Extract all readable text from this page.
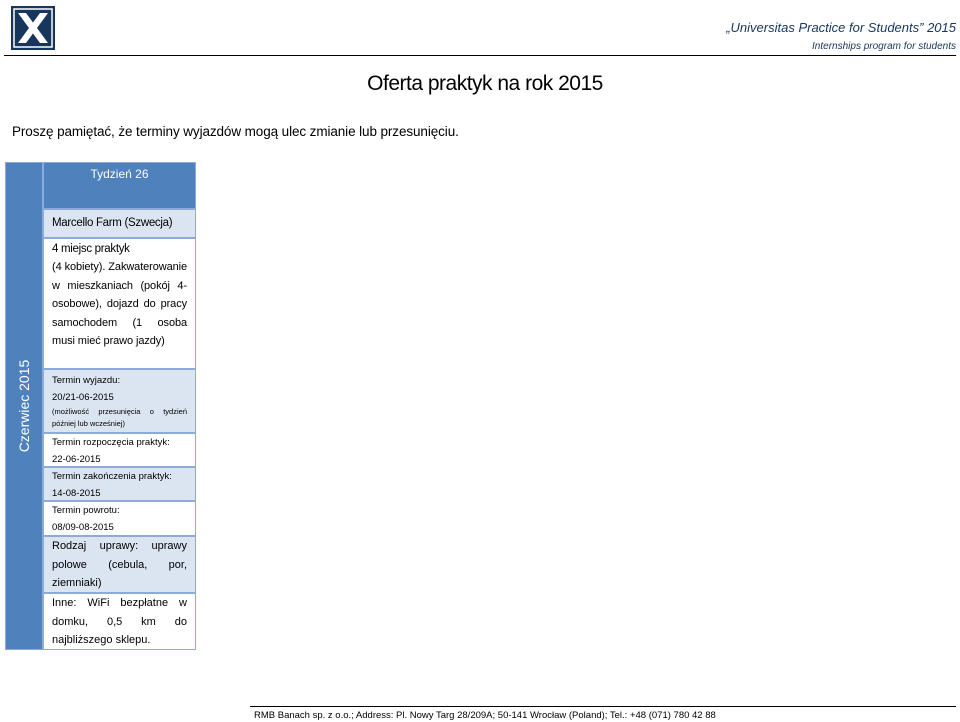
„Universitas Practice for Students” 2015
Internships program for students
Oferta praktyk na rok 2015
Proszę pamiętać, że terminy wyjazdów mogą ulec zmianie lub przesunięciu.
Czerwiec 2015
Tydzień 26
Marcello Farm (Szwecja)
4 miejsc praktyk
(4 kobiety). Zakwaterowanie w mieszkaniach (pokój 4-osobowe), dojazd do pracy samochodem (1 osoba musi mieć prawo jazdy)
Termin wyjazdu:
20/21-06-2015
(możliwość przesunięcia o tydzień później lub wcześniej)
Termin rozpoczęcia praktyk:
22-06-2015
Termin zakończenia praktyk:
14-08-2015
Termin powrotu:
08/09-08-2015
Rodzaj uprawy: uprawy polowe (cebula, por, ziemniaki)
Inne: WiFi bezpłatne w domku, 0,5 km do najbliższego sklepu.
RMB Banach sp. z o.o.; Address: Pl. Nowy Targ 28/209A; 50-141 Wrocław (Poland); Tel.: +48 (071) 780 42 88
